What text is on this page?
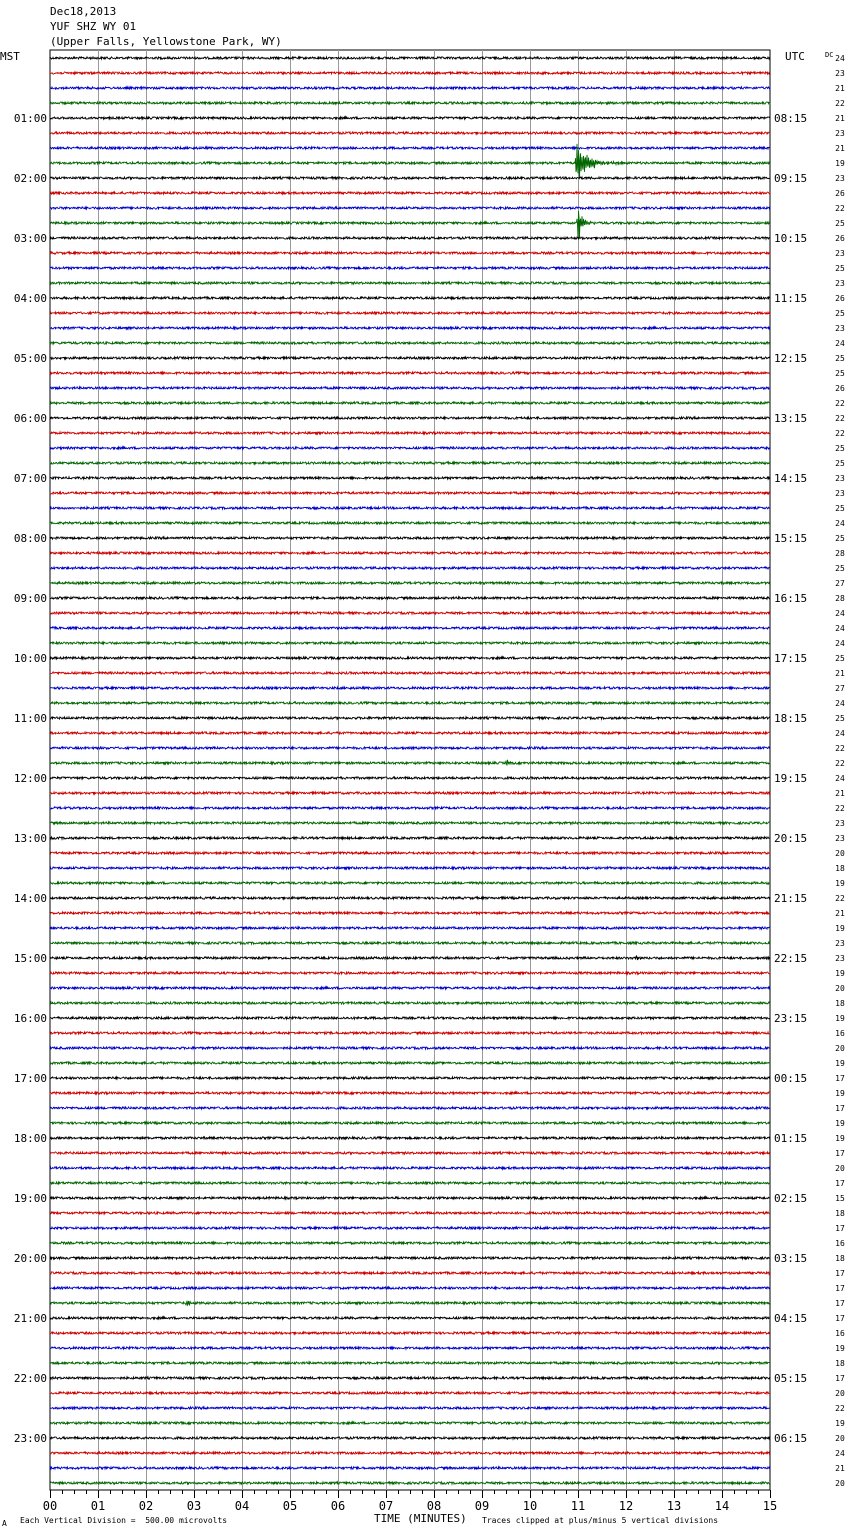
Dec18,2013
YUF SHZ WY 01
(Upper Falls, Yellowstone Park, WY)
24
23
21
22
21
23
21
19
23
26
22
25
26
23
25
23
26
25
23
24
25
25
26
22
22
22
25
25
23
23
25
24
25
28
25
27
28
24
24
24
25
21
27
24
25
24
22
22
24
21
22
23
23
20
18
19
22
21
19
23
23
19
20
18
19
16
20
19
17
19
17
19
19
17
20
17
15
18
17
16
18
17
17
17
17
16
19
18
17
20
22
19
20
24
21
20
MST	UTC	DC
01:00
02:00
03:00
04:00
05:00
06:00
07:00
08:00
09:00
10:00
11:00
12:00
13:00
14:00
15:00
16:00
17:00
18:00
19:00
20:00
21:00
22:00
23:00
08:15
09:15
10:15
11:15
12:15
13:15
14:15
15:15
16:15
17:15
18:15
19:15
20:15
21:15
22:15
23:15
00:15
01:15
02:15
03:15
04:15
05:15
06:15
00	01	02	03	04	05	06	07	08	09	10	11	12	13	14	15
TIME (MINUTES)
A Each Vertical Division =  500.00 microvolts	Traces clipped at plus/minus 5 vertical divisions
